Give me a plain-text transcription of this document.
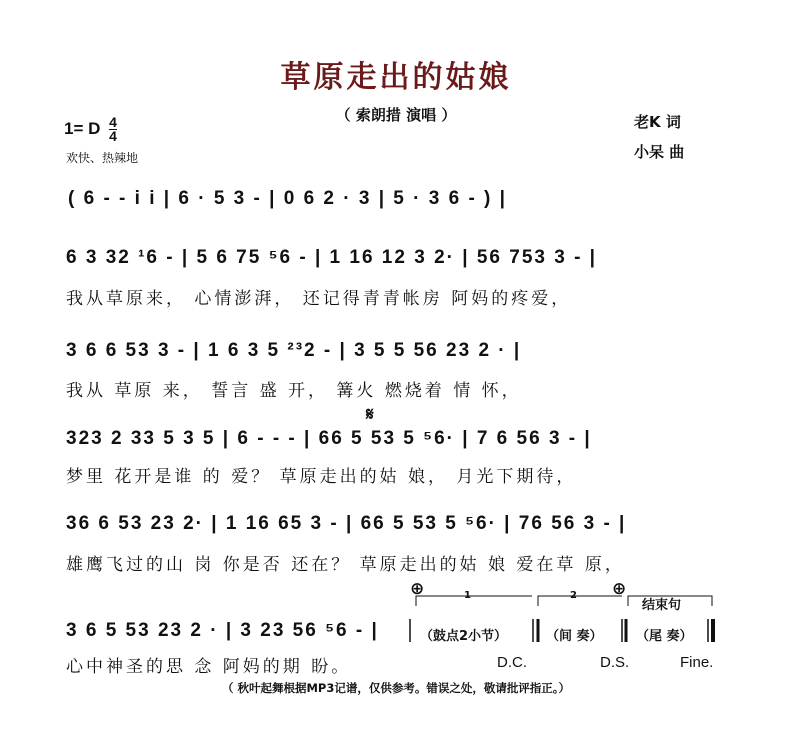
草原走出的姑娘
（ 索朗措 演唱 ）
1= D $\frac{4}{4}$
欢快、热辣地
老K 词
小呆 曲
( 6 - - i i | 6 · 5 3 - | 0 6 2 · 3 | 5 · 3 6 - ) |
6 3 32 ¹6 - | 5 6 75 ⁵6 - | 1 16 12 3 2· | 56 753 3 - |
我从草原来， 心情澎湃， 还记得青青帐房 阿妈的疼爱，
3 6 6 53 3 - | 1 6 3 5 ²³2 - | 3 5 5 56 23 2 · |
我从 草原 来， 誓言 盛 开， 篝火 燃烧着 情 怀，
𝄋
323 2 33 5 3 5 | 6 - - - | 66 5 53 5 ⁵6· | 7 6 56 3 - |
梦里 花开是谁 的 爱？ 草原走出的姑 娘， 月光下期待，
36 6 53 23 2· | 1 16 65 3 - | 66 5 53 5 ⁵6· | 76 56 3 - |
雄鹰飞过的山 岗 你是否 还在？ 草原走出的姑 娘 爱在草 原，
⊕	⊕
1	2
结束句
3 6 5 53 23 2 · | 3 23 56 ⁵6 - |	（鼓点2小节）	（间 奏）	（尾 奏）
心中神圣的思 念 阿妈的期 盼。	D.C.	D.S.	Fine.
（ 秋叶起舞根据MP3记谱，仅供参考。错误之处，敬请批评指正。）
